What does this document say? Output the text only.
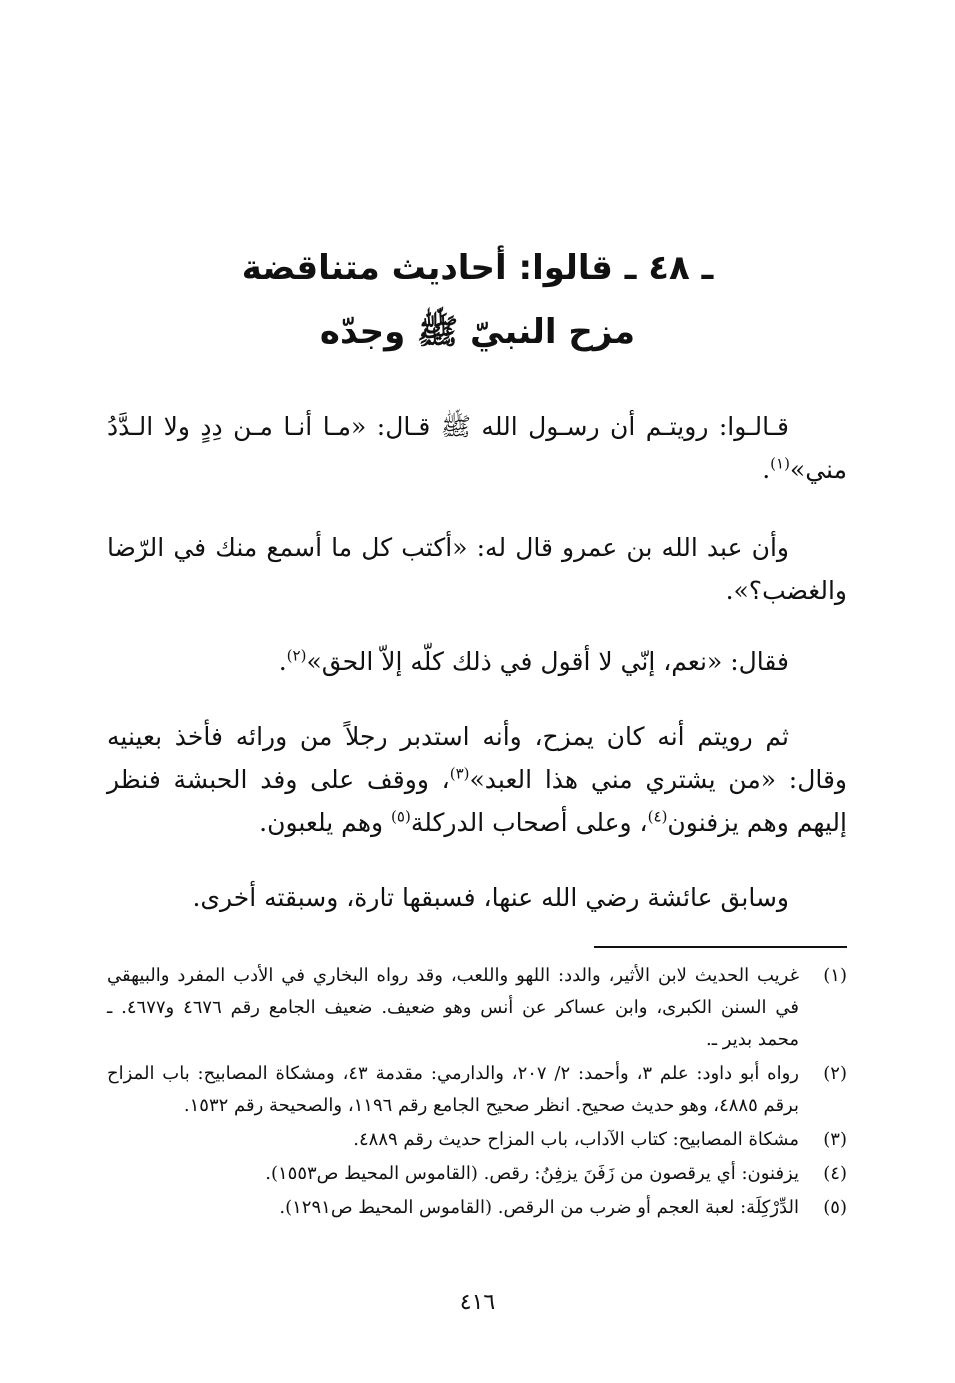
ـ ٤٨ ـ قالوا: أحاديث متناقضة
مزح النبيّ ﷺ وجدّه

قـالـوا: رويتـم أن رسـول الله ﷺ قـال: «مـا أنـا مـن دِدٍ ولا الـدَّدُ مني»$^{(١)}$.

وأن عبد الله بن عمرو قال له: «أكتب كل ما أسمع منك في الرّضا والغضب؟».

فقال: «نعم، إنّي لا أقول في ذلك كلّه إلاّ الحق»$^{(٢)}$.

ثم رويتم أنه كان يمزح، وأنه استدبر رجلاً من ورائه فأخذ بعينيه وقال: «من يشتري مني هذا العبد»$^{(٣)}$، ووقف على وفد الحبشة فنظر إليهم وهم يزفنون$^{(٤)}$، وعلى أصحاب الدركلة$^{(٥)}$ وهم يلعبون.

وسابق عائشة رضي الله عنها، فسبقها تارة، وسبقته أخرى.

(١)
غريب الحديث لابن الأثير، والدد: اللهو واللعب، وقد رواه البخاري في الأدب المفرد والبيهقي في السنن الكبرى، وابن عساكر عن أنس وهو ضعيف. ضعيف الجامع رقم ٤٦٧٦ و٤٦٧٧. ـ محمد بدير ـ.
(٢)
رواه أبو داود: علم ٣، وأحمد: ٢/ ٢٠٧، والدارمي: مقدمة ٤٣، ومشكاة المصابيح: باب المزاح برقم ٤٨٨٥، وهو حديث صحيح. انظر صحيح الجامع رقم ١١٩٦، والصحيحة رقم ١٥٣٢.
(٣)
مشكاة المصابيح: كتاب الآداب، باب المزاح حديث رقم ٤٨٨٩.
(٤)
يزفنون: أي يرقصون من زَفَنَ يزفِنُ: رقص. (القاموس المحيط ص١٥٥٣).
(٥)
الدِّرْكِلَة: لعبة العجم أو ضرب من الرقص. (القاموس المحيط ص١٢٩١).
٤١٦
